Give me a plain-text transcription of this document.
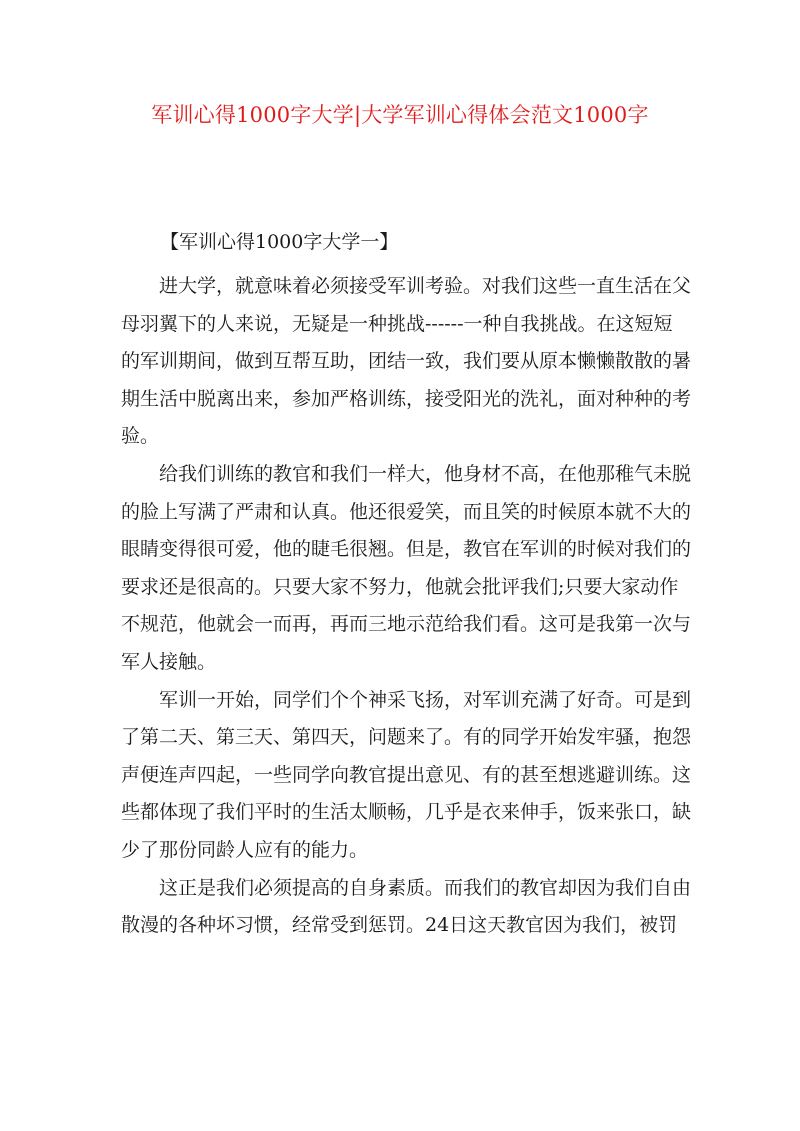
军训心得1000字大学|大学军训心得体会范文1000字
【军训心得1000字大学一】
进大学，就意味着必须接受军训考验。对我们这些一直生活在父
母羽翼下的人来说，无疑是一种挑战------一种自我挑战。在这短短
的军训期间，做到互帮互助，团结一致，我们要从原本懒懒散散的暑
期生活中脱离出来，参加严格训练，接受阳光的洗礼，面对种种的考
验。
给我们训练的教官和我们一样大，他身材不高，在他那稚气未脱
的脸上写满了严肃和认真。他还很爱笑，而且笑的时候原本就不大的
眼睛变得很可爱，他的睫毛很翘。但是，教官在军训的时候对我们的
要求还是很高的。只要大家不努力，他就会批评我们;只要大家动作
不规范，他就会一而再，再而三地示范给我们看。这可是我第一次与
军人接触。
军训一开始，同学们个个神采飞扬，对军训充满了好奇。可是到
了第二天、第三天、第四天，问题来了。有的同学开始发牢骚，抱怨
声便连声四起，一些同学向教官提出意见、有的甚至想逃避训练。这
些都体现了我们平时的生活太顺畅，几乎是衣来伸手，饭来张口，缺
少了那份同龄人应有的能力。
这正是我们必须提高的自身素质。而我们的教官却因为我们自由
散漫的各种坏习惯，经常受到惩罚。24日这天教官因为我们，被罚
